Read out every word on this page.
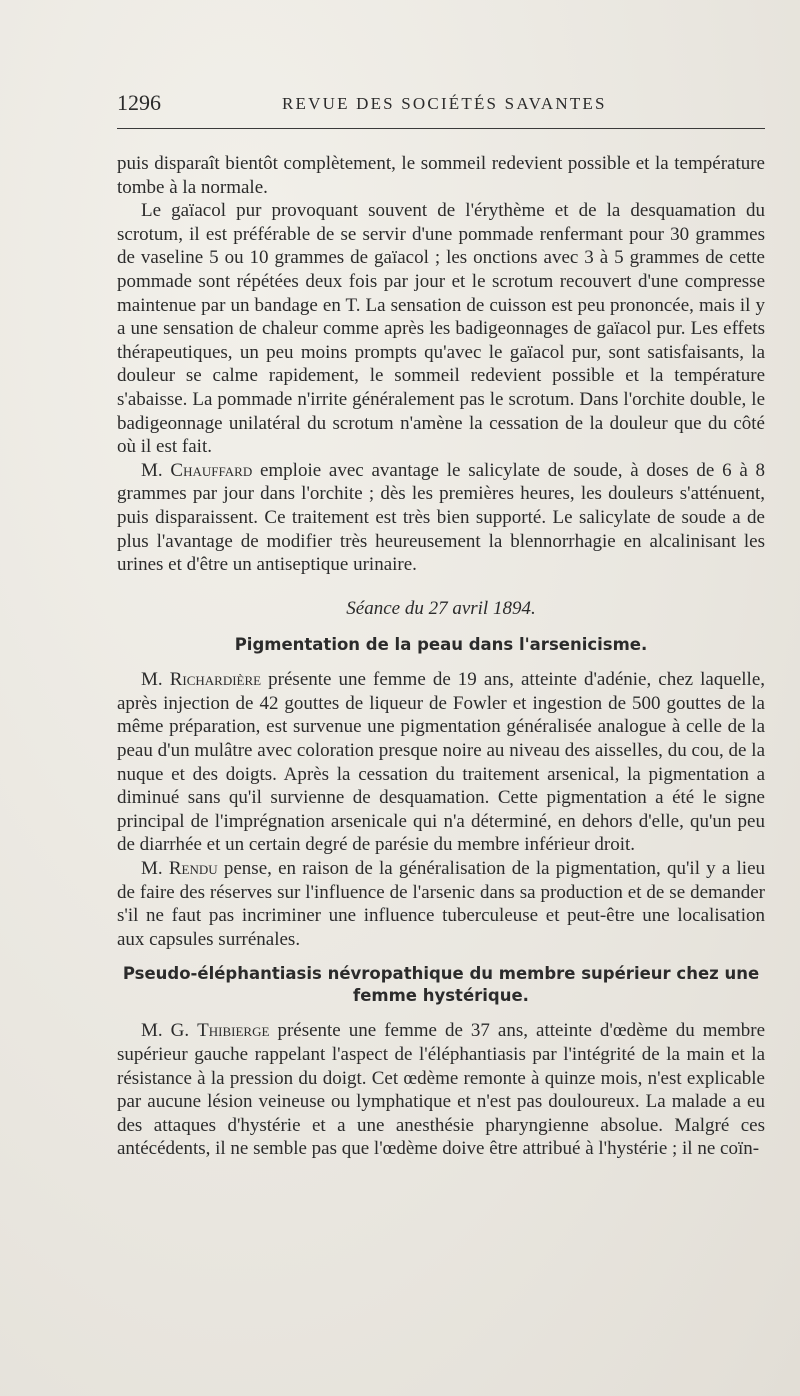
1296	REVUE DES SOCIÉTÉS SAVANTES

puis disparaît bientôt complètement, le sommeil redevient possible et la température tombe à la normale.

Le gaïacol pur provoquant souvent de l'érythème et de la desquamation du scrotum, il est préférable de se servir d'une pommade renfermant pour 30 grammes de vaseline 5 ou 10 grammes de gaïacol ; les onctions avec 3 à 5 grammes de cette pommade sont répétées deux fois par jour et le scrotum recouvert d'une compresse maintenue par un bandage en T. La sensation de cuisson est peu prononcée, mais il y a une sensation de chaleur comme après les badigeonnages de gaïacol pur. Les effets thérapeutiques, un peu moins prompts qu'avec le gaïacol pur, sont satisfaisants, la douleur se calme rapidement, le sommeil redevient possible et la température s'abaisse. La pommade n'irrite généralement pas le scrotum. Dans l'orchite double, le badigeonnage unilatéral du scrotum n'amène la cessation de la douleur que du côté où il est fait.

M. Chauffard emploie avec avantage le salicylate de soude, à doses de 6 à 8 grammes par jour dans l'orchite ; dès les premières heures, les douleurs s'atténuent, puis disparaissent. Ce traitement est très bien supporté. Le salicylate de soude a de plus l'avantage de modifier très heureusement la blennorrhagie en alcalinisant les urines et d'être un antiseptique urinaire.

Séance du 27 avril 1894.

Pigmentation de la peau dans l'arsenicisme.

M. Richardière présente une femme de 19 ans, atteinte d'adénie, chez laquelle, après injection de 42 gouttes de liqueur de Fowler et ingestion de 500 gouttes de la même préparation, est survenue une pigmentation généralisée analogue à celle de la peau d'un mulâtre avec coloration presque noire au niveau des aisselles, du cou, de la nuque et des doigts. Après la cessation du traitement arsenical, la pigmentation a diminué sans qu'il survienne de desquamation. Cette pigmentation a été le signe principal de l'imprégnation arsenicale qui n'a déterminé, en dehors d'elle, qu'un peu de diarrhée et un certain degré de parésie du membre inférieur droit.

M. Rendu pense, en raison de la généralisation de la pigmentation, qu'il y a lieu de faire des réserves sur l'influence de l'arsenic dans sa production et de se demander s'il ne faut pas incriminer une influence tuberculeuse et peut-être une localisation aux capsules surrénales.

Pseudo-éléphantiasis névropathique du membre supérieur chez une femme hystérique.

M. G. Thibierge présente une femme de 37 ans, atteinte d'œdème du membre supérieur gauche rappelant l'aspect de l'éléphantiasis par l'intégrité de la main et la résistance à la pression du doigt. Cet œdème remonte à quinze mois, n'est explicable par aucune lésion veineuse ou lymphatique et n'est pas douloureux. La malade a eu des attaques d'hystérie et a une anesthésie pharyngienne absolue. Malgré ces antécédents, il ne semble pas que l'œdème doive être attribué à l'hystérie ; il ne coïn-
